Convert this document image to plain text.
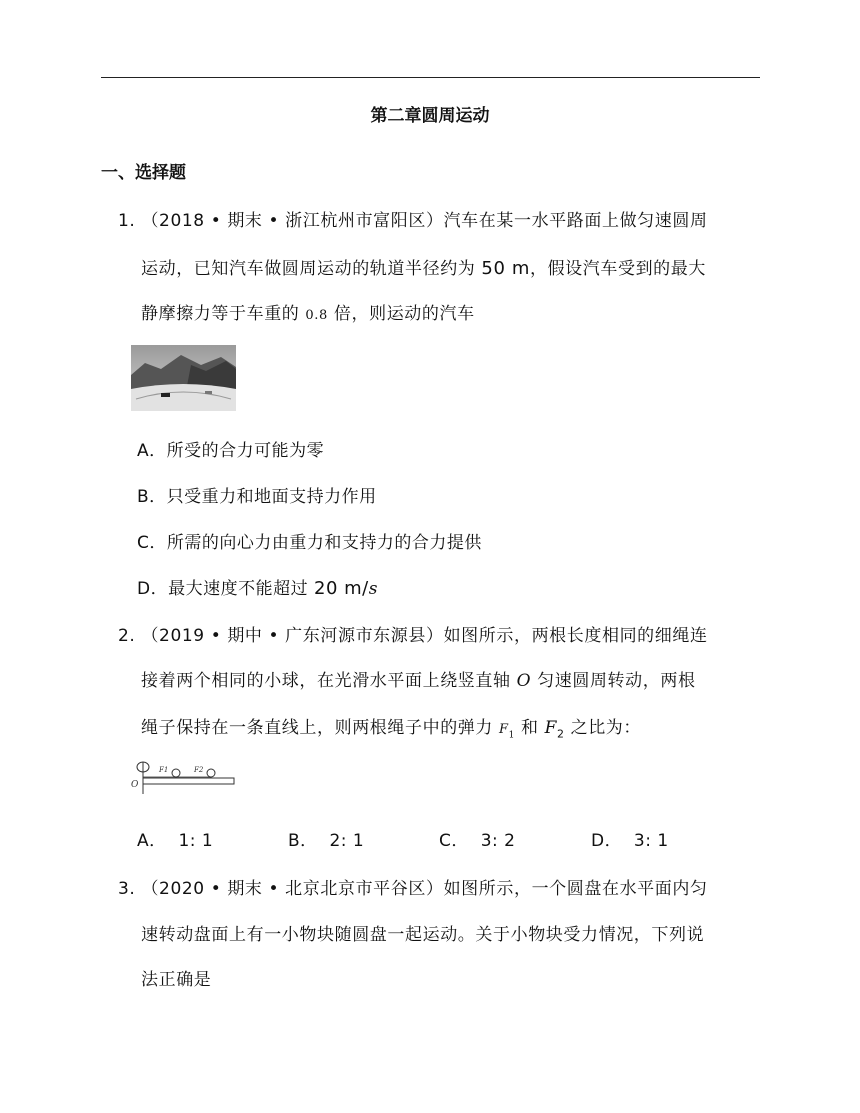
第二章圆周运动
一、选择题
1. （2018 • 期末 • 浙江杭州市富阳区）汽车在某一水平路面上做匀速圆周
运动，已知汽车做圆周运动的轨道半径约为 50 m，假设汽车受到的最大
静摩擦力等于车重的 0.8 倍，则运动的汽车
A．所受的合力可能为零
B．只受重力和地面支持力作用
C．所需的向心力由重力和支持力的合力提供
D．最大速度不能超过 20 m/s
2. （2019 • 期中 • 广东河源市东源县）如图所示，两根长度相同的细绳连
接着两个相同的小球，在光滑水平面上绕竖直轴 O 匀速圆周转动，两根
绳子保持在一条直线上，则两根绳子中的弹力 $F_1$ 和 $F_2$ 之比为：
F1	F2
O
A． 1: 1	B． 2: 1	C． 3: 2	D． 3: 1
3. （2020 • 期末 • 北京北京市平谷区）如图所示，一个圆盘在水平面内匀
速转动盘面上有一小物块随圆盘一起运动。关于小物块受力情况，下列说
法正确是
